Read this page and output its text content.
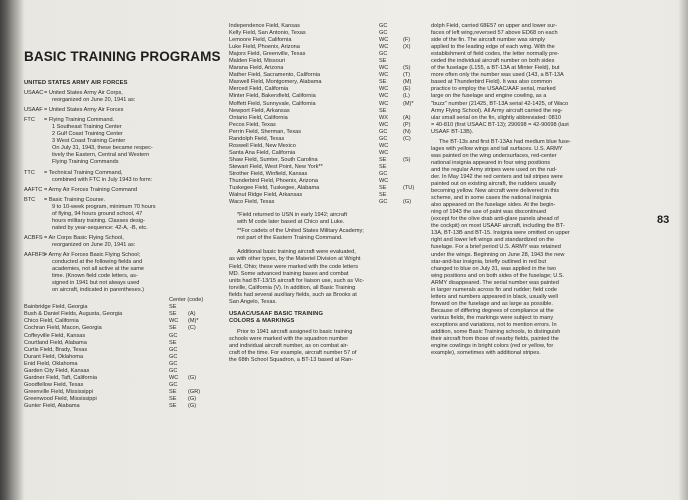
BASIC TRAINING PROGRAMS
UNITED STATES ARMY AIR FORCES
USAAC = United States Army Air Corps,
reorganized on June 20, 1941 as:
USAAF = United States Army Air Forces
FTC	= Flying Training Command.
1 Southeast Training Center
2 Gulf Coast Training Center
3 West Coast Training Center
On July 31, 1943, these became respec-
tively the Eastern, Central and Western
Flying Training Commands
TTC	= Technical Training Command,
combined with FTC in July 1943 to form:
AAFTC = Army Air Forces Training Command
BTC	= Basic Training Course.
9 to 10-week program, minimum 70 hours
of flying, 94 hours ground school, 47
hours military training. Classes desig-
nated by year-sequence: 42-A, -B, etc.
ACBFS = Air Corps Basic Flying School,
reorganized on June 20, 1941 as:
AAFBFS
= Army Air Forces Basic Flying School;
conducted at the following fields and
academies, not all active at the same
time. (Known field code letters, as-
signed in 1941 but not always used
on aircraft, indicated in parentheses.)
Center (code)
Bainbridge Field, Georgia	SE
Bush & Daniel Fields, Augusta, Georgia	SE	(A)
Chico Field, California	WC	(M)*
Cochran Field, Macon, Georgia	SE	(C)
Coffeyville Field, Kansas	GC
Courtland Field, Alabama	SE
Curtis Field, Brady, Texas	GC
Durant Field, Oklahoma	GC
Enid Field, Oklahoma	GC
Garden City Field, Kansas	GC
Gardner Field, Taft, California	WC	(G)
Goodfellow Field, Texas	GC
Greenville Field, Mississippi	SE	(GR)
Greenwood Field, Mississippi	SE	(G)
Gunter Field, Alabama	SE	(G)
Independence Field, Kansas	GC
Kelly Field, San Antonio, Texas	GC
Lemoore Field, California	WC	(F)
Luke Field, Phoenix, Arizona	WC	(X)
Majors Field, Greenville, Texas	GC
Malden Field, Missouri	SE
Marana Field, Arizona	WC	(S)
Mather Field, Sacramento, California	WC	(T)
Maxwell Field, Montgomery, Alabama	SE	(M)
Merced Field, California	WC	(E)
Minter Field, Bakersfield, California	WC	(L)
Moffett Field, Sunnyvale, California	WC	(M)*
Newport Field, Arkansas	SE
Ontario Field, California	WX	(A)
Pecos Field, Texas	WC	(P)
Perrin Field, Sherman, Texas	GC	(N)
Randolph Field, Texas	GC	(C)
Roswell Field, New Mexico	WC
Santa Ana Field, California	WC
Shaw Field, Sumter, South Carolina	SE	(S)
Stewart Field, West Point, New York**	SE
Strother Field, Winfield, Kansas	GC
Thunderbird Field, Phoenix, Arizona	WC
Tuskegee Field, Tuskegee, Alabama	SE	(TU)
Walnut Ridge Field, Arkansas	SE
Waco Field, Texas	GC	(G)
*Field returned to USN in early 1942; aircraft
with M code later based at Chico and Luke.
**For cadets of the United States Military Academy;
not part of the Eastern Training Command.
Additional basic training aircraft were evaluated,
as with other types, by the Materiel Division at Wright
Field, Ohio; these were marked with the code letters
MD. Some advanced training bases and combat
units had BT-13/15 aircraft for liaison use, such as Vic-
torville, California (V). In addition, all Basic Training
fields had several auxiliary fields, such as Brooks at
San Angelo, Texas.
USAAC/USAAF BASIC TRAINING
COLORS & MARKINGS
Prior to 1941 aircraft assigned to basic training
schools were marked with the squadron number
and individual aircraft number, as on combat air-
craft of the time. For example, aircraft number 57 of
the 68th School Squadron, a BT-13 based at Ran-
dolph Field, carried 68E57 on upper and lower sur-
faces of left wing,reversed 57 above ED68 on each
side of the fin. The aircraft number was simply
applied to the leading edge of each wing. With the
establishment of field codes, the letter normally pre-
ceded the individual aircraft number on both sides
of the fuselage (L155, a BT-13A at Minter Field), but
more often only the number was used (143, a BT-13A
based at Thunderbird Field). It was also common
practice to employ the USAAC/AAF serial, marked
large on the fuselage and engine cowling, as a
"buzz" number (21425, BT-13A serial 42-1425, of Waco
Army Flying School). All Army aircraft carried the reg-
ular small serial on the fin, slightly abbreviated: 0810
= 40-810 (first USAAC BT-13); 290698 = 42-90698 (last
USAAF BT-13B).
The BT-13s and first BT-13As had medium blue fuse-
lages with yellow wings and tail surfaces. U.S. ARMY
was painted on the wing undersurfaces, red-center
national insignia appeared in four wing positions
and the regular Army stripes were used on the rud-
der. In May 1942 the red centers and tail stripes were
painted out on existing aircraft, the rudders usually
becoming yellow. New aircraft were delivered in this
scheme, and in some cases the national insignia
also appeared on the fuselage sides. At the begin-
ning of 1943 the use of paint was discontinued
(except for the olive drab anti-glare panels ahead of
the cockpit) on most USAAF aircraft, including the BT-
13A, BT-13B and BT-15. Insignia were omitted on upper
right and lower left wings and standardized on the
fuselage. For a brief period U.S. ARMY was retained
under the wings. Beginning on June 28, 1943 the new
star-and-bar insignia, briefly outlined in red but
changed to blue on July 31, was applied in the two
wing positions and on both sides of the fuselage; U.S.
ARMY disappeared. The serial number was painted
in larger numerals across fin and rudder; field code
letters and numbers appeared in black, usually well
forward on the fuselage and as large as possible.
Because of differing degrees of compliance at the
various fields, the markings were subject to many
exceptions and variations, not to mention errors. In
addition, some Basic Training schools, to distinguish
their aircraft from those of nearby fields, painted the
engine cowlings in bright colors (red or yellow, for
example), sometimes with additional stripes.
83
